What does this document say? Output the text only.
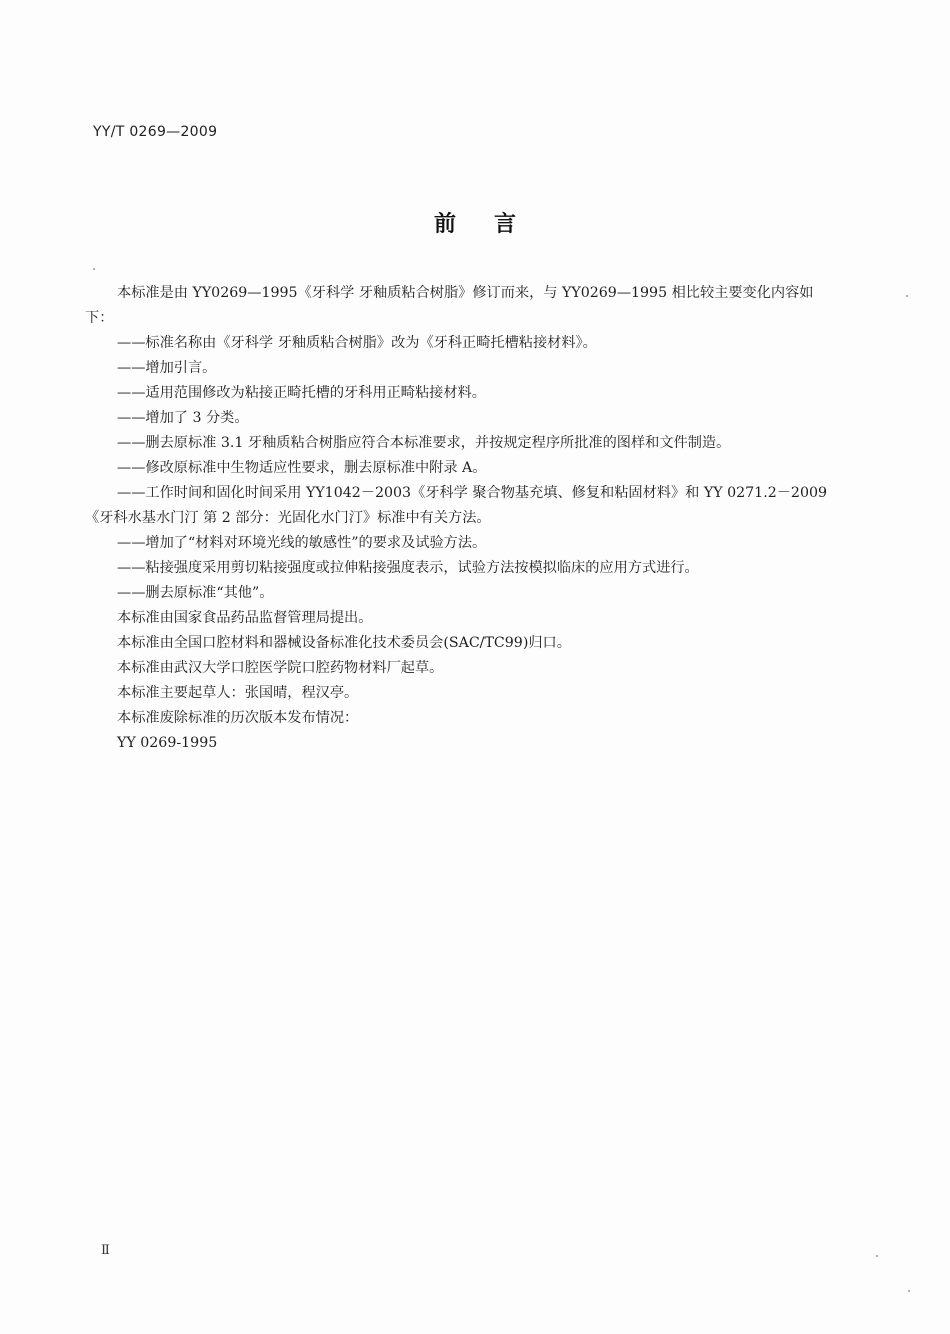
YY/T 0269—2009
前言

本标准是由 YY0269—1995《牙科学 牙釉质粘合树脂》修订而来，与 YY0269—1995 相比较主要变化内容如下：

——标准名称由《牙科学 牙釉质粘合树脂》改为《牙科正畸托槽粘接材料》。

——增加引言。

——适用范围修改为粘接正畸托槽的牙科用正畸粘接材料。

——增加了 3 分类。

——删去原标准 3.1 牙釉质粘合树脂应符合本标准要求，并按规定程序所批准的图样和文件制造。

——修改原标准中生物适应性要求，删去原标准中附录 A。

——工作时间和固化时间采用 YY1042－2003《牙科学 聚合物基充填、修复和粘固材料》和 YY 0271.2－2009《牙科水基水门汀 第 2 部分：光固化水门汀》标准中有关方法。

——增加了“材料对环境光线的敏感性”的要求及试验方法。

——粘接强度采用剪切粘接强度或拉伸粘接强度表示，试验方法按模拟临床的应用方式进行。

——删去原标准“其他”。

本标准由国家食品药品监督管理局提出。

本标准由全国口腔材料和器械设备标准化技术委员会(SAC/TC99)归口。

本标准由武汉大学口腔医学院口腔药物材料厂起草。

本标准主要起草人：张国晴，程汉亭。

本标准废除标准的历次版本发布情况：

YY 0269-1995

Ⅱ
